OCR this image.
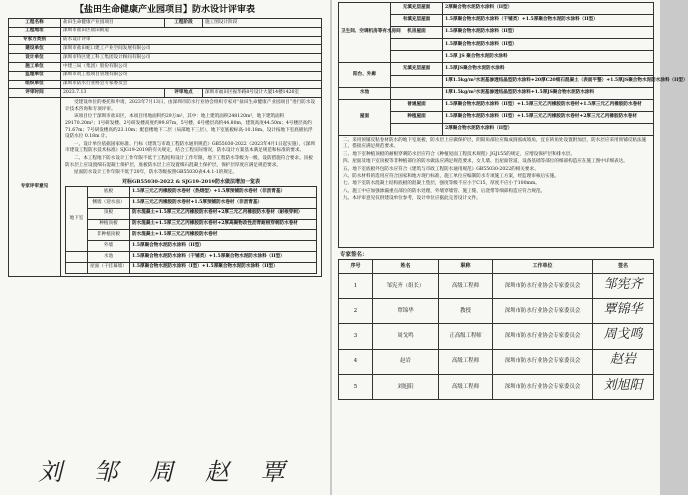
【盐田生命健康产业园项目】防水设计评审表
工程名称	盐田生命健康产业园项目	工程阶段	施工图设计阶段
工程地址	深圳市盐田区盐田街道
专家方类别	防水设计评审
建设单位	深圳市盐田蛇口建工产业空间发展有限公司
设计单位	深圳市特区建工科工集团设计顾问有限公司
施工单位	中建三局（集团）股份有限公司
监理单位	深圳市筑工程项目管理有限公司
组织单位	深圳市防水行业协会专家委员会
评审时间	2023.7.13	评审地点	深圳市福田区振华路8号设计大厦14楼1426室
专家评审意见	

受建设单位的委托和申请，2023年7月13日，由深圳市防水行业协会组织专家对“盐田生命健康产业园项目”进行防水设计技术咨询和专项评审。

该项目位于深圳市盐田区，本项目用地面积约29万m²，其中：地上建筑面积248120m²，地下建筑面积29170.20m²；1号研发楼、2号研发楼高度约99.87m，5号楼、6号楼层高约44.80m，建筑高度44.50m；4号楼层高约71.67m；7号研发楼高约23.10m；配套楼地下二层（局部地下三层），地下室底板标高-10.18m。设计按地下室底板抗浮设防水位 0.18m 计。

一、设计单位依据国家标准、行标《建筑与市政工程防水通用规范》GB55030-2022（2023年4月1日起实施），《深圳市建设工程防水技术标准》SJG19-2019的有关规定，结合工程实际情况，防水设计方案基本满足规范和标准的要求。

二、本工程地下防水设计工作年限不低于工程结构设计工作年限，地下工程防水等级为一级，设防措施符合要求。顶板防水层上应设置细石混凝土保护层，底板防水层上应设置细石混凝土保护层，保护层厚度应满足规范要求。

屋面防水设计工作年限不低于20年，防水等级按照GB55030表4.4.1-1的规定。

对标GB55030-2022 & SJG19-2019防水做法增加一览表
地下室	底板	1.5厚三元乙丙橡胶防水卷材（热熔型）+1.5厚预铺防水卷材（非沥青基）
侧墙（迎水面）	1.5厚三元乙丙橡胶防水卷材+1.5厚预铺防水卷材（非沥青基）
顶板	防水混凝土+1.5厚三元乙丙橡胶防水卷材+2厚三元乙丙橡胶防水卷材（耐根穿刺）
种植顶板	防水混凝土+1.5厚三元乙丙橡胶防水卷材+2厚高聚物改性沥青耐根穿刺防水卷材
非种植顶板	防水混凝土+1.5厚三元乙丙橡胶防水卷材
外墙	1.5厚聚合物水泥防水涂料（II型）
	水池	1.5厚聚合物水泥防水涂料（干铺类）+1.5厚聚合物水泥防水涂料（II型）
	屋面（干挂幕墙）	1.5厚聚合物水泥防水涂料（I型）+1.5厚聚合物水泥防水涂料（II型）
刘 邹 周 赵 覃
卫生间、空调机房等有水房间	无填充层屋面	2厚聚合物水泥防水涂料（II型）
	有填充层屋面	1.5厚聚合物水泥防水涂料（干铺类）+1.5厚聚合物水泥防水涂料（II型）
	机房屋面	1.5厚聚合物水泥防水涂料（II型）
		1.5厚聚合物水泥防水涂料（II型）
		1.5厚 JS 聚合物水泥防水涂料
阳台、外廊	无填充层屋面	1.5厚JS聚合物水泥防水涂料
		1厚1.5kg/m²水泥基渗透结晶型防水涂料+20厚C20细石混凝土（表面平整）+1.5厚JS聚合物水泥防水涂料（II型）
水池		1厚1.5kg/m²水泥基渗透结晶型防水涂料+1.5厚JS聚合物水泥防水涂料
屋面	普通屋面	1.5厚聚合物水泥防水涂料（II型）+1.5厚三元乙丙橡胶防水卷材+1.5厚三元乙丙橡胶防水卷材
	种植屋面	1.5厚聚合物水泥防水涂料（II型）+1.5厚三元乙丙橡胶防水卷材+2厚三元乙丙橡胶防水卷材
		2厚聚合物水泥防水涂料（II型）

二、采用预铺反粘卷材防水的地下室底板，防水层上应做保护层，阴阳角部位应做成圆弧或坡角，宜在转角处设置附加层，防水层应采用预铺反粘法施工，搭接应满足规范要求。

三、地下室种植顶板的耐根穿刺防水层应符合《种植屋面工程技术规程》JGJ155的规定，应增设保护层和排水层。

四、屋面及地下室顶板等非种植部位的防水做法应满足规范要求，女儿墙、出屋面管道、设备基础等部位的细部构造应在施工图中详细表达。

五、地下室底板外包防水应符合《建筑与市政工程防水通用规范》GB55030-2022的相关要求。

六、防水材料的选用应符合国家和地方现行标准，施工单位应编制防水专项施工方案，经监理审核后实施。

七、地下室防水混凝土结构底板的混凝土垫层，强度等级不应小于C15，厚度不应小于100mm。

八、施工中应加强渗漏重点部位的防水处理，外墙穿墙管、施工缝、后浇带等细部构造应符合规范。

九、本评审意见仅供建设单位参考，设计单位应据此完善设计文件。

专家签名：
序号	姓名	职称	工作单位	签名
1	邹宪齐（组长）	高级工程师	深圳市防水行业协会专家委员会	邹宪齐
2	覃锦华	教授	深圳市防水行业协会专家委员会	覃锦华
3	周戈鸣	正高级工程师	深圳市防水行业协会专家委员会	周戈鸣
4	赵岩	高级工程师	深圳市防水行业协会专家委员会	赵岩
5	刘旭阳	高级工程师	深圳市防水行业协会专家委员会	刘旭阳
